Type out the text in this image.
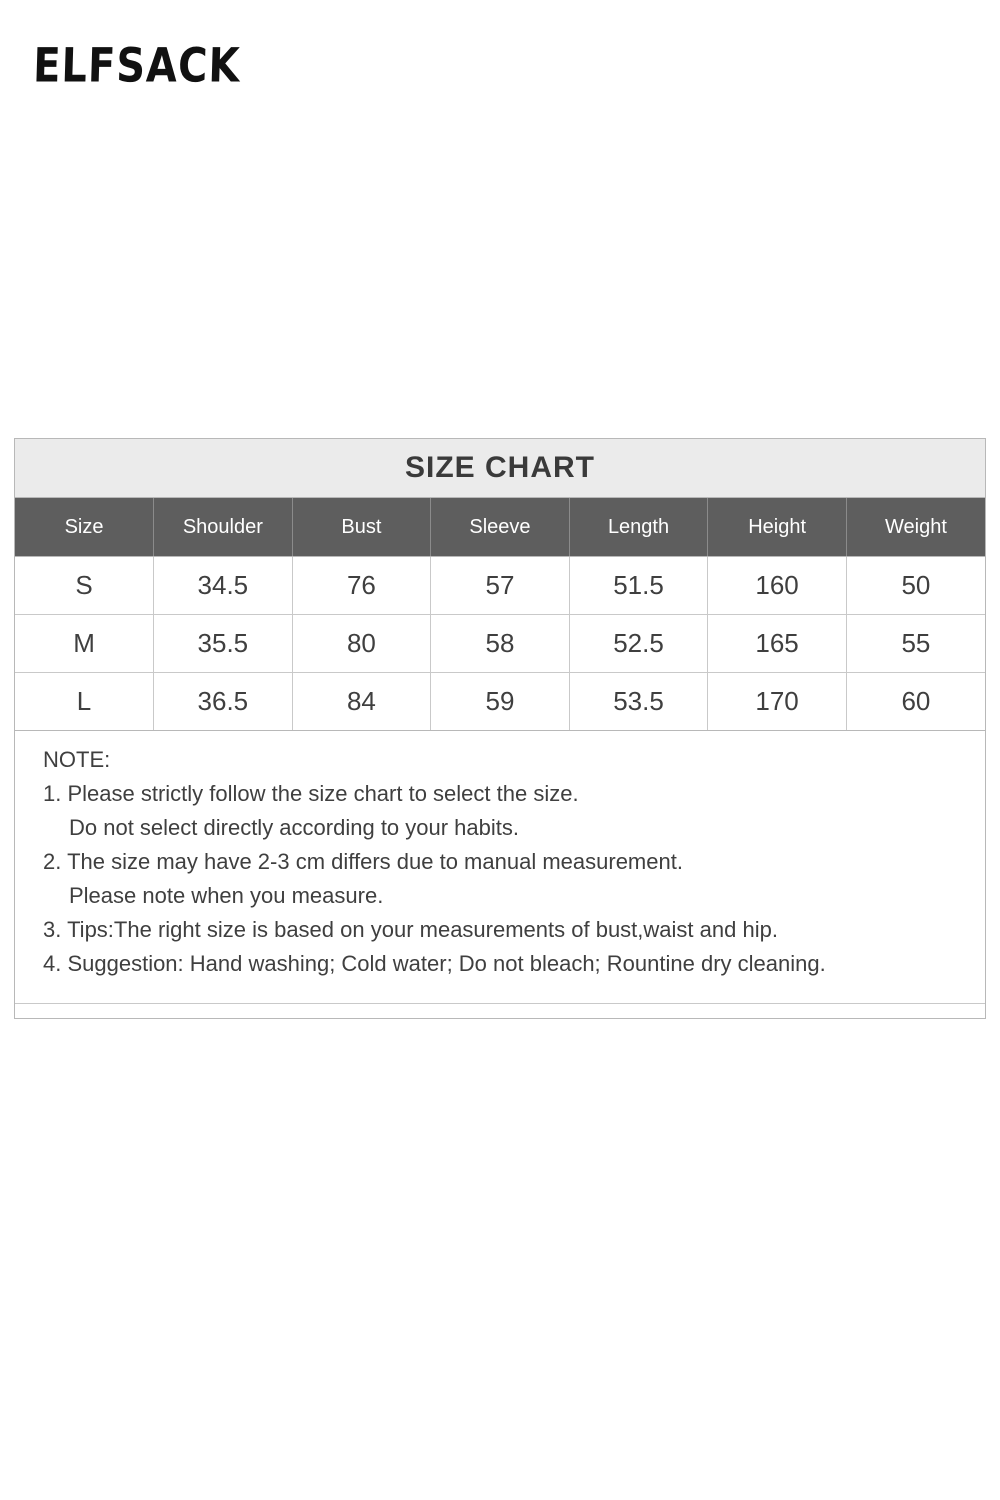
ELFSACK
SIZE CHART
Size	Shoulder	Bust	Sleeve	Length	Height	Weight
S	34.5	76	57	51.5	160	50
M	35.5	80	58	52.5	165	55
L	36.5	84	59	53.5	170	60
NOTE:
1. Please strictly follow the size chart to select the size.
Do not select directly according to your habits.
2. The size may have 2-3 cm differs due to manual measurement.
Please note when you measure.
3. Tips:The right size is based on your measurements of bust,waist and hip.
4. Suggestion: Hand washing; Cold water; Do not bleach; Rountine dry cleaning.
